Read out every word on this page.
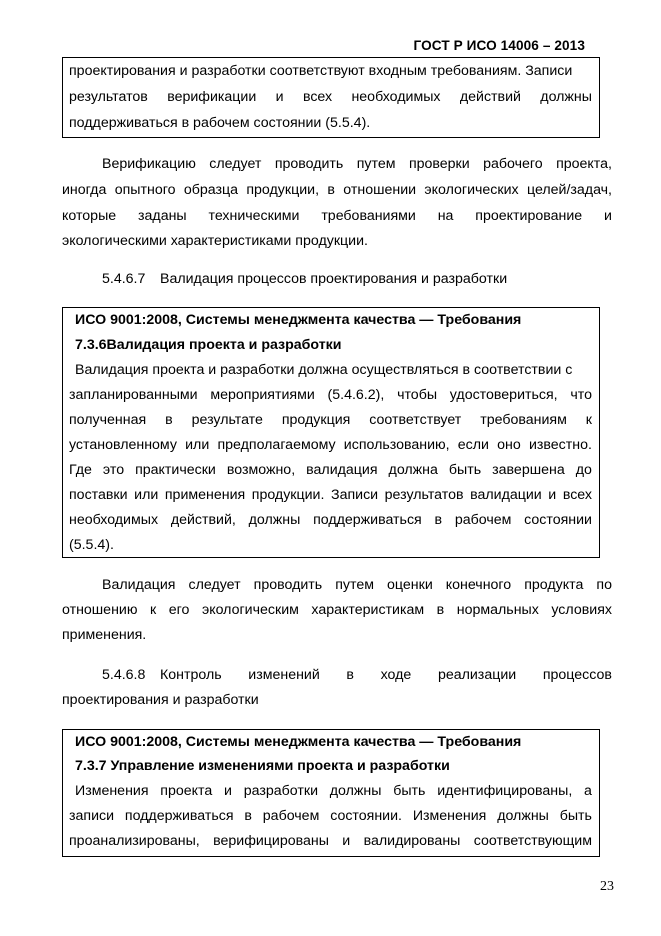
ГОСТ Р ИСО 14006 – 2013
проектирования и разработки соответствуют входным требованиям. Записи
результатов верификации и всех необходимых действий должны
поддерживаться в рабочем состоянии (5.5.4).
Верификацию следует проводить путем проверки рабочего проекта,
иногда опытного образца продукции, в отношении экологических целей/задач,
которые заданы техническими требованиями на проектирование и
экологическими характеристиками продукции.
5.4.6.7 Валидация процессов проектирования и разработки
ИСО 9001:2008, Системы менеджмента качества — Требования
7.3.6Валидация проекта и разработки
Валидация проекта и разработки должна осуществляться в соответствии с
запланированными мероприятиями (5.4.6.2), чтобы удостовериться, что
полученная в результате продукция соответствует требованиям к
установленному или предполагаемому использованию, если оно известно.
Где это практически возможно, валидация должна быть завершена до
поставки или применения продукции. Записи результатов валидации и всех
необходимых действий, должны поддерживаться в рабочем состоянии
(5.5.4).
Валидация следует проводить путем оценки конечного продукта по
отношению к его экологическим характеристикам в нормальных условиях
применения.
5.4.6.8 Контроль изменений в ходе реализации процессов
проектирования и разработки
ИСО 9001:2008, Системы менеджмента качества — Требования
7.3.7 Управление изменениями проекта и разработки
Изменения проекта и разработки должны быть идентифицированы, а
записи поддерживаться в рабочем состоянии. Изменения должны быть
проанализированы, верифицированы и валидированы соответствующим
23
